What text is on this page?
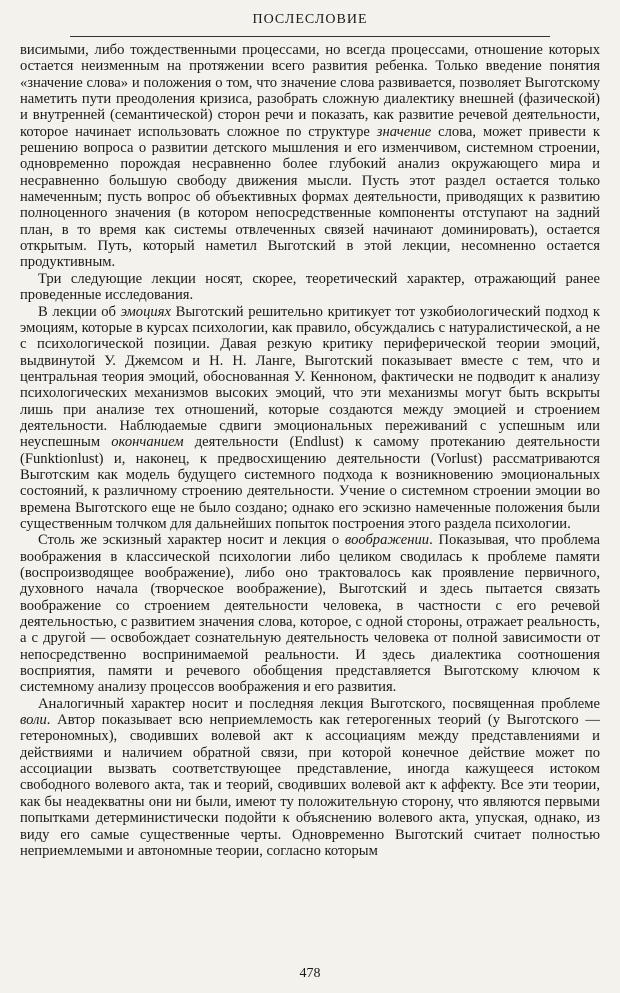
ПОСЛЕСЛОВИЕ

висимыми, либо тождественными процессами, но всегда процессами, отношение которых остается неизменным на протяжении всего развития ребенка. Только введение понятия «значение слова» и положения о том, что значение слова развивается, позволяет Выготскому наметить пути преодоления кризиса, разобрать сложную диалектику внешней (фазической) и внутренней (семантической) сторон речи и показать, как развитие речевой деятельности, которое начинает использовать сложное по структуре значение слова, может привести к решению вопроса о развитии детского мышления и его изменчивом, системном строении, одновременно порождая несравненно более глубокий анализ окружающего мира и несравненно большую свободу движения мысли. Пусть этот раздел остается только намеченным; пусть вопрос об объективных формах деятельности, приводящих к развитию полноценного значения (в котором непосредственные компоненты отступают на задний план, в то время как системы отвлеченных связей начинают доминировать), остается открытым. Путь, который наметил Выготский в этой лекции, несомненно остается продуктивным.

Три следующие лекции носят, скорее, теоретический характер, отражающий ранее проведенные исследования.

В лекции об эмоциях Выготский решительно критикует тот узкобиологический подход к эмоциям, которые в курсах психологии, как правило, обсуждались с натуралистической, а не с психологической позиции. Давая резкую критику периферической теории эмоций, выдвинутой У. Джемсом и Н. Н. Ланге, Выготский показывает вместе с тем, что и центральная теория эмоций, обоснованная У. Кенноном, фактически не подводит к анализу психологических механизмов высоких эмоций, что эти механизмы могут быть вскрыты лишь при анализе тех отношений, которые создаются между эмоцией и строением деятельности. Наблюдаемые сдвиги эмоциональных переживаний с успешным или неуспешным окончанием деятельности (Endlust) к самому протеканию деятельности (Funktionlust) и, наконец, к предвосхищению деятельности (Vorlust) рассматриваются Выготским как модель будущего системного подхода к возникновению эмоциональных состояний, к различному строению деятельности. Учение о системном строении эмоции во времена Выготского еще не было создано; однако его эскизно намеченные положения были существенным толчком для дальнейших попыток построения этого раздела психологии.

Столь же эскизный характер носит и лекция о воображении. Показывая, что проблема воображения в классической психологии либо целиком сводилась к проблеме памяти (воспроизводящее воображение), либо оно трактовалось как проявление первичного, духовного начала (творческое воображение), Выготский и здесь пытается связать воображение со строением деятельности человека, в частности с его речевой деятельностью, с развитием значения слова, которое, с одной стороны, отражает реальность, а с другой — освобождает сознательную деятельность человека от полной зависимости от непосредственно воспринимаемой реальности. И здесь диалектика соотношения восприятия, памяти и речевого обобщения представляется Выготскому ключом к системному анализу процессов воображения и его развития.

Аналогичный характер носит и последняя лекция Выготского, посвященная проблеме воли. Автор показывает всю неприемлемость как гетерогенных теорий (у Выготского — гетерономных), сводивших волевой акт к ассоциациям между представлениями и действиями и наличием обратной связи, при которой конечное действие может по ассоциации вызвать соответствующее представление, иногда кажущееся истоком свободного волевого акта, так и теорий, сводивших волевой акт к аффекту. Все эти теории, как бы неадекватны они ни были, имеют ту положительную сторону, что являются первыми попытками детерминистически подойти к объяснению волевого акта, упуская, однако, из виду его самые существенные черты. Одновременно Выготский считает полностью неприемлемыми и автономные теории, согласно которым

478
